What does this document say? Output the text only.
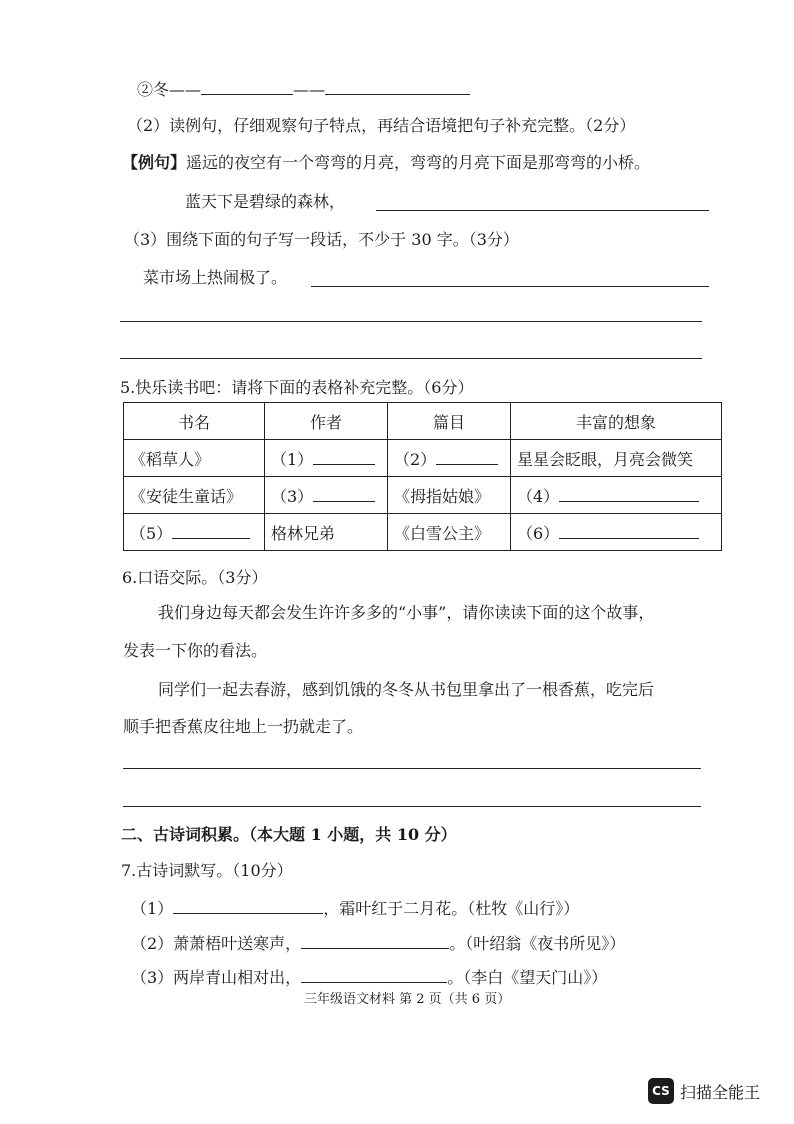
②冬——	——
（2）读例句，仔细观察句子特点，再结合语境把句子补充完整。（2分）
【例句】遥远的夜空有一个弯弯的月亮，弯弯的月亮下面是那弯弯的小桥。
蓝天下是碧绿的森林，
（3）围绕下面的句子写一段话，不少于 30 字。（3分）
菜市场上热闹极了。
5.快乐读书吧：请将下面的表格补充完整。（6分）
书名	作者	篇目	丰富的想象
《稻草人》	（1）	（2）	星星会眨眼，月亮会微笑
《安徒生童话》	（3）	《拇指姑娘》	（4）
（5）	格林兄弟	《白雪公主》	（6）
6.口语交际。（3分）
我们身边每天都会发生许许多多的“小事”，请你读读下面的这个故事，
发表一下你的看法。
同学们一起去春游，感到饥饿的冬冬从书包里拿出了一根香蕉，吃完后
顺手把香蕉皮往地上一扔就走了。
二、古诗词积累。（本大题 1 小题，共 10 分）
7.古诗词默写。（10分）
（1）	，霜叶红于二月花。（杜牧《山行》）
（2）萧萧梧叶送寒声，	。（叶绍翁《夜书所见》）
（3）两岸青山相对出，	。（李白《望天门山》）
三年级语文材料 第 2 页（共 6 页）
CS 扫描全能王
